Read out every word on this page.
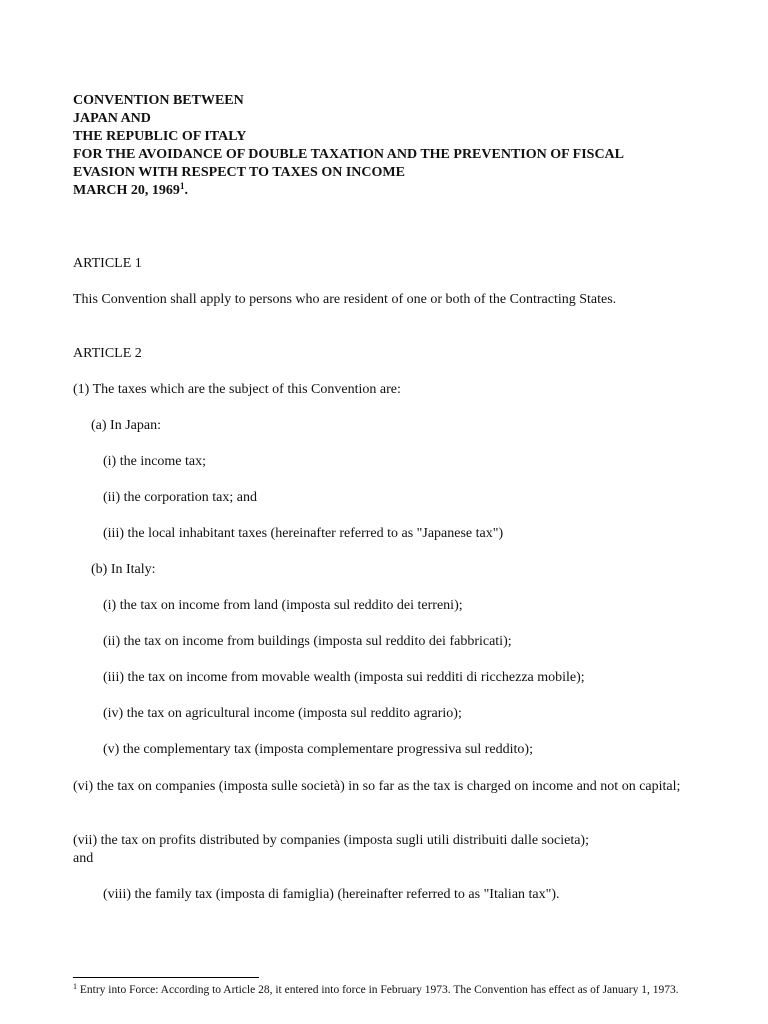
CONVENTION BETWEEN
JAPAN AND
THE REPUBLIC OF ITALY
FOR THE AVOIDANCE OF DOUBLE TAXATION AND THE PREVENTION OF FISCAL
EVASION WITH RESPECT TO TAXES ON INCOME
MARCH 20, 1969$^1$.
ARTICLE 1
This Convention shall apply to persons who are resident of one or both of the Contracting States.
ARTICLE 2
(1) The taxes which are the subject of this Convention are:
(a) In Japan:
(i) the income tax;
(ii) the corporation tax; and
(iii) the local inhabitant taxes (hereinafter referred to as "Japanese tax")
(b) In Italy:
(i) the tax on income from land (imposta sul reddito dei terreni);
(ii) the tax on income from buildings (imposta sul reddito dei fabbricati);
(iii) the tax on income from movable wealth (imposta sui redditi di ricchezza mobile);
(iv) the tax on agricultural income (imposta sul reddito agrario);
(v) the complementary tax (imposta complementare progressiva sul reddito);
(vi) the tax on companies (imposta sulle società) in so far as the tax is charged on income and not on capital;
(vii) the tax on profits distributed by companies (imposta sugli utili distribuiti dalle societa);
and
(viii) the family tax (imposta di famiglia) (hereinafter referred to as "Italian tax").
$^1$ Entry into Force: According to Article 28, it entered into force in February 1973. The Convention has effect as of January 1, 1973.
